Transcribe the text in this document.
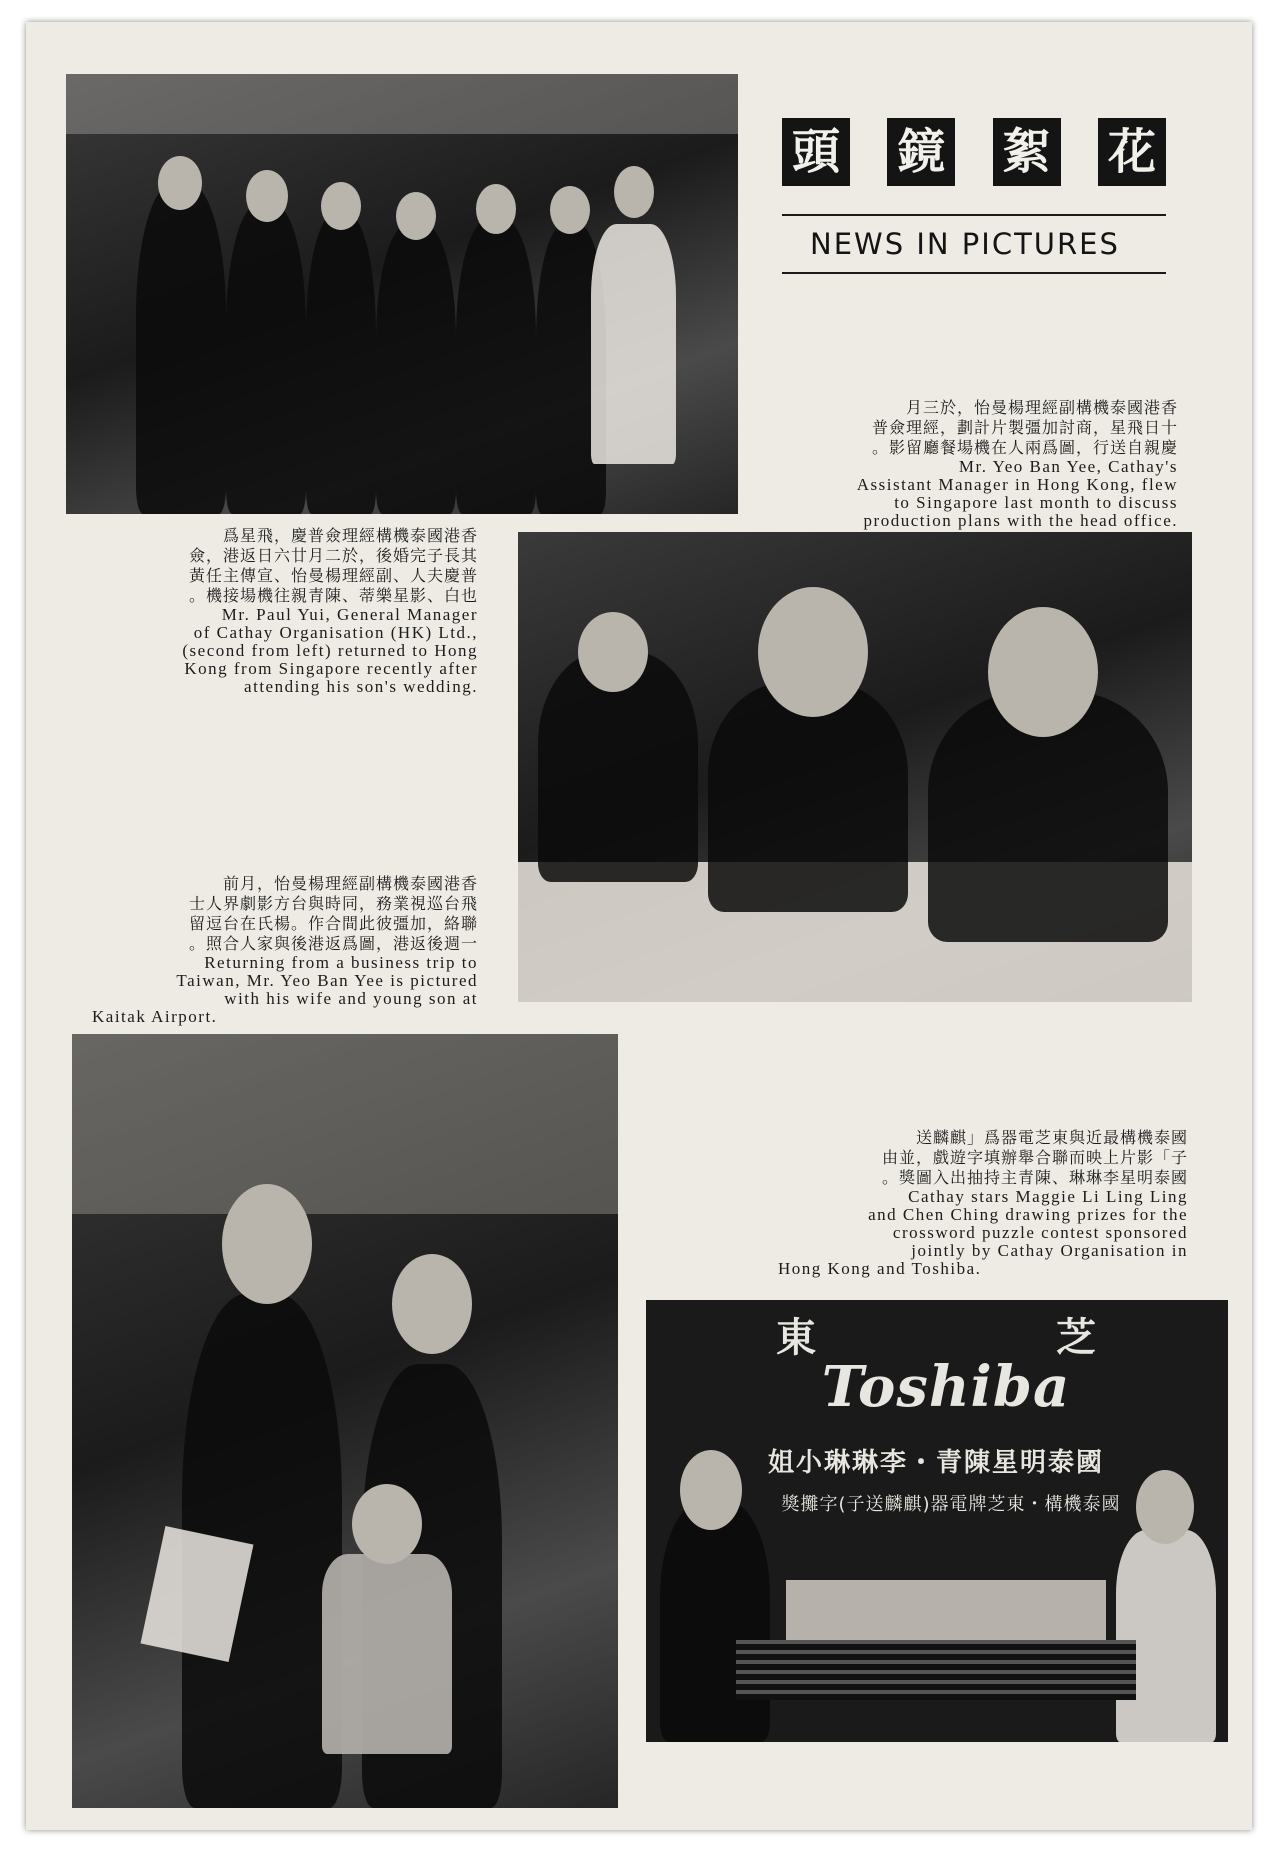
頭 鏡 絮 花
NEWS IN PICTURES
月三於，怡曼楊理經副構機泰國港香
普僉理經，劃計片製彊加討商，星飛日十
。影留廳餐場機在人兩爲圖，行送自親慶
Mr. Yeo Ban Yee, Cathay's
Assistant Manager in Hong Kong, flew
to Singapore last month to discuss
production plans with the head office.
爲星飛，慶普僉理經構機泰國港香
僉，港返日六廿月二於，後婚完子長其
黃任主傳宣、怡曼楊理經副、人夫慶普
。機接場機往親青陳、蒂樂星影、白也
Mr. Paul Yui, General Manager
of Cathay Organisation (HK) Ltd.,
(second from left) returned to Hong
Kong from Singapore recently after
attending his son's wedding.
前月，怡曼楊理經副構機泰國港香
士人界劇影方台與時同，務業視巡台飛
留逗台在氏楊。作合間此彼彊加，絡聯
。照合人家與後港返爲圖，港返後週一
Returning from a business trip to
Taiwan, Mr. Yeo Ban Yee is pictured
with his wife and young son at
Kaitak Airport.
送麟麒」爲器電芝東與近最構機泰國
由並，戲遊字填辦舉合聯而映上片影「子
。獎圖入出抽持主青陳、琳琳李星明泰國
Cathay stars Maggie Li Ling Ling
and Chen Ching drawing prizes for the
crossword puzzle contest sponsored
jointly by Cathay Organisation in
Hong Kong and Toshiba.
東	芝
Toshiba
姐小琳琳李・青陳星明泰國
獎攤字(子送麟麒)器電牌芝東・構機泰國
